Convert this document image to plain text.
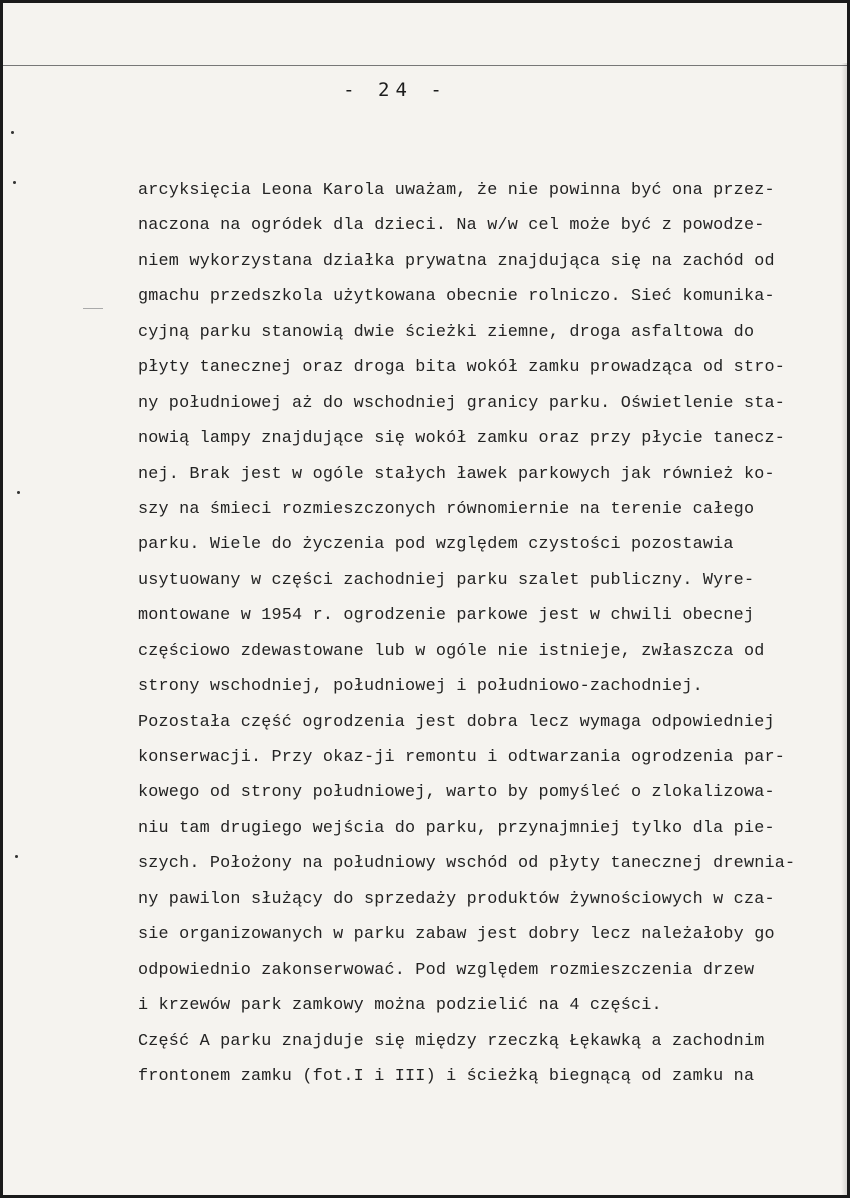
- 24 -
arcyksięcia Leona Karola uważam, że nie powinna być ona przez-
naczona na ogródek dla dzieci. Na w/w cel może być z powodze-
niem wykorzystana działka prywatna znajdująca się na zachód od
gmachu przedszkola użytkowana obecnie rolniczo. Sieć komunika-
cyjną parku stanowią dwie ścieżki ziemne, droga asfaltowa do
płyty tanecznej oraz droga bita wokół zamku prowadząca od stro-
ny południowej aż do wschodniej granicy parku. Oświetlenie sta-
nowią lampy znajdujące się wokół zamku oraz przy płycie tanecz-
nej. Brak jest w ogóle stałych ławek parkowych jak również ko-
szy na śmieci rozmieszczonych równomiernie na terenie całego
parku. Wiele do życzenia pod względem czystości pozostawia
usytuowany w części zachodniej parku szalet publiczny. Wyre-
montowane w 1954 r. ogrodzenie parkowe jest w chwili obecnej
częściowo zdewastowane lub w ogóle nie istnieje, zwłaszcza od
strony wschodniej, południowej i południowo-zachodniej.
Pozostała część ogrodzenia jest dobra lecz wymaga odpowiedniej
konserwacji. Przy okaz-ji remontu i odtwarzania ogrodzenia par-
kowego od strony południowej, warto by pomyśleć o zlokalizowa-
niu tam drugiego wejścia do parku, przynajmniej tylko dla pie-
szych. Położony na południowy wschód od płyty tanecznej drewnia-
ny pawilon służący do sprzedaży produktów żywnościowych w cza-
sie organizowanych w parku zabaw jest dobry lecz należałoby go
odpowiednio zakonserwować. Pod względem rozmieszczenia drzew
i krzewów park zamkowy można podzielić na 4 części.
Część A parku znajduje się między rzeczką Łękawką a zachodnim
frontonem zamku (fot.I i III) i ścieżką biegnącą od zamku na
